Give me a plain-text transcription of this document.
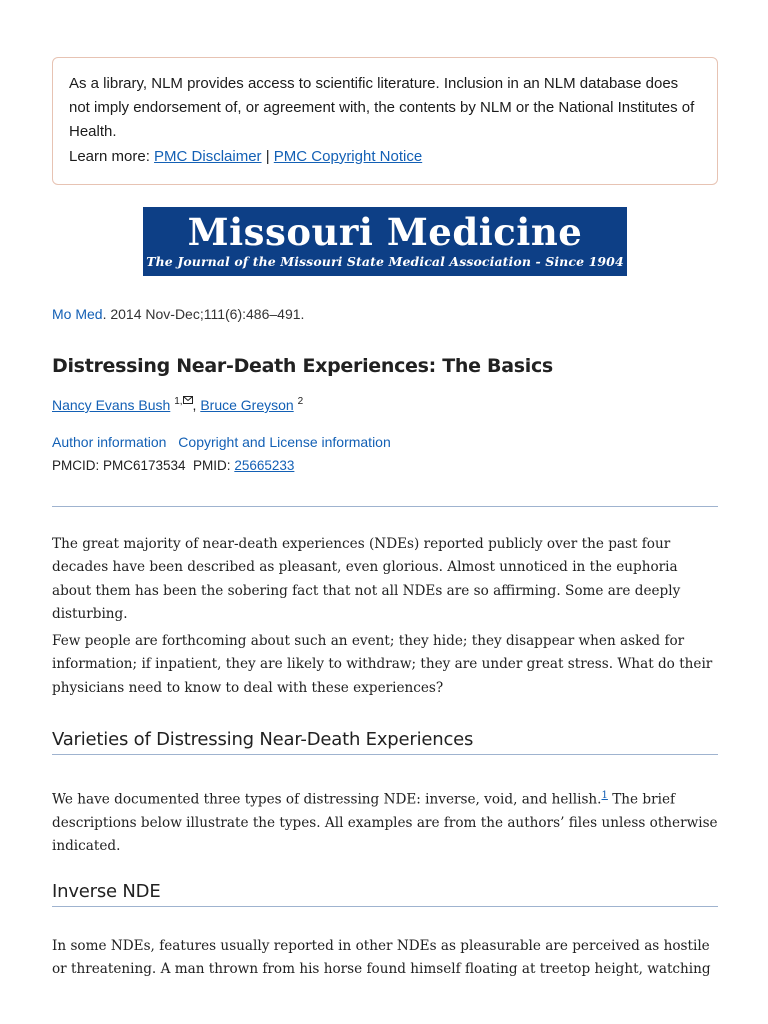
As a library, NLM provides access to scientific literature. Inclusion in an NLM database does not imply endorsement of, or agreement with, the contents by NLM or the National Institutes of Health.
Learn more: PMC Disclaimer | PMC Copyright Notice
Missouri Medicine
The Journal of the Missouri State Medical Association - Since 1904
Mo Med. 2014 Nov-Dec;111(6):486–491.
Distressing Near-Death Experiences: The Basics
Nancy Evans Bush $^{1,}$ , Bruce Greyson $^2$
Author information Copyright and License information
PMCID: PMC6173534  PMID: 25665233
The great majority of near-death experiences (NDEs) reported publicly over the past four decades have been described as pleasant, even glorious. Almost unnoticed in the euphoria about them has been the sobering fact that not all NDEs are so affirming. Some are deeply disturbing.
Few people are forthcoming about such an event; they hide; they disappear when asked for information; if inpatient, they are likely to withdraw; they are under great stress. What do their physicians need to know to deal with these experiences?
Varieties of Distressing Near-Death Experiences
We have documented three types of distressing NDE: inverse, void, and hellish.$^1$ The brief descriptions below illustrate the types. All examples are from the authors’ files unless otherwise indicated.
Inverse NDE
In some NDEs, features usually reported in other NDEs as pleasurable are perceived as hostile or threatening. A man thrown from his horse found himself floating at treetop height, watching
